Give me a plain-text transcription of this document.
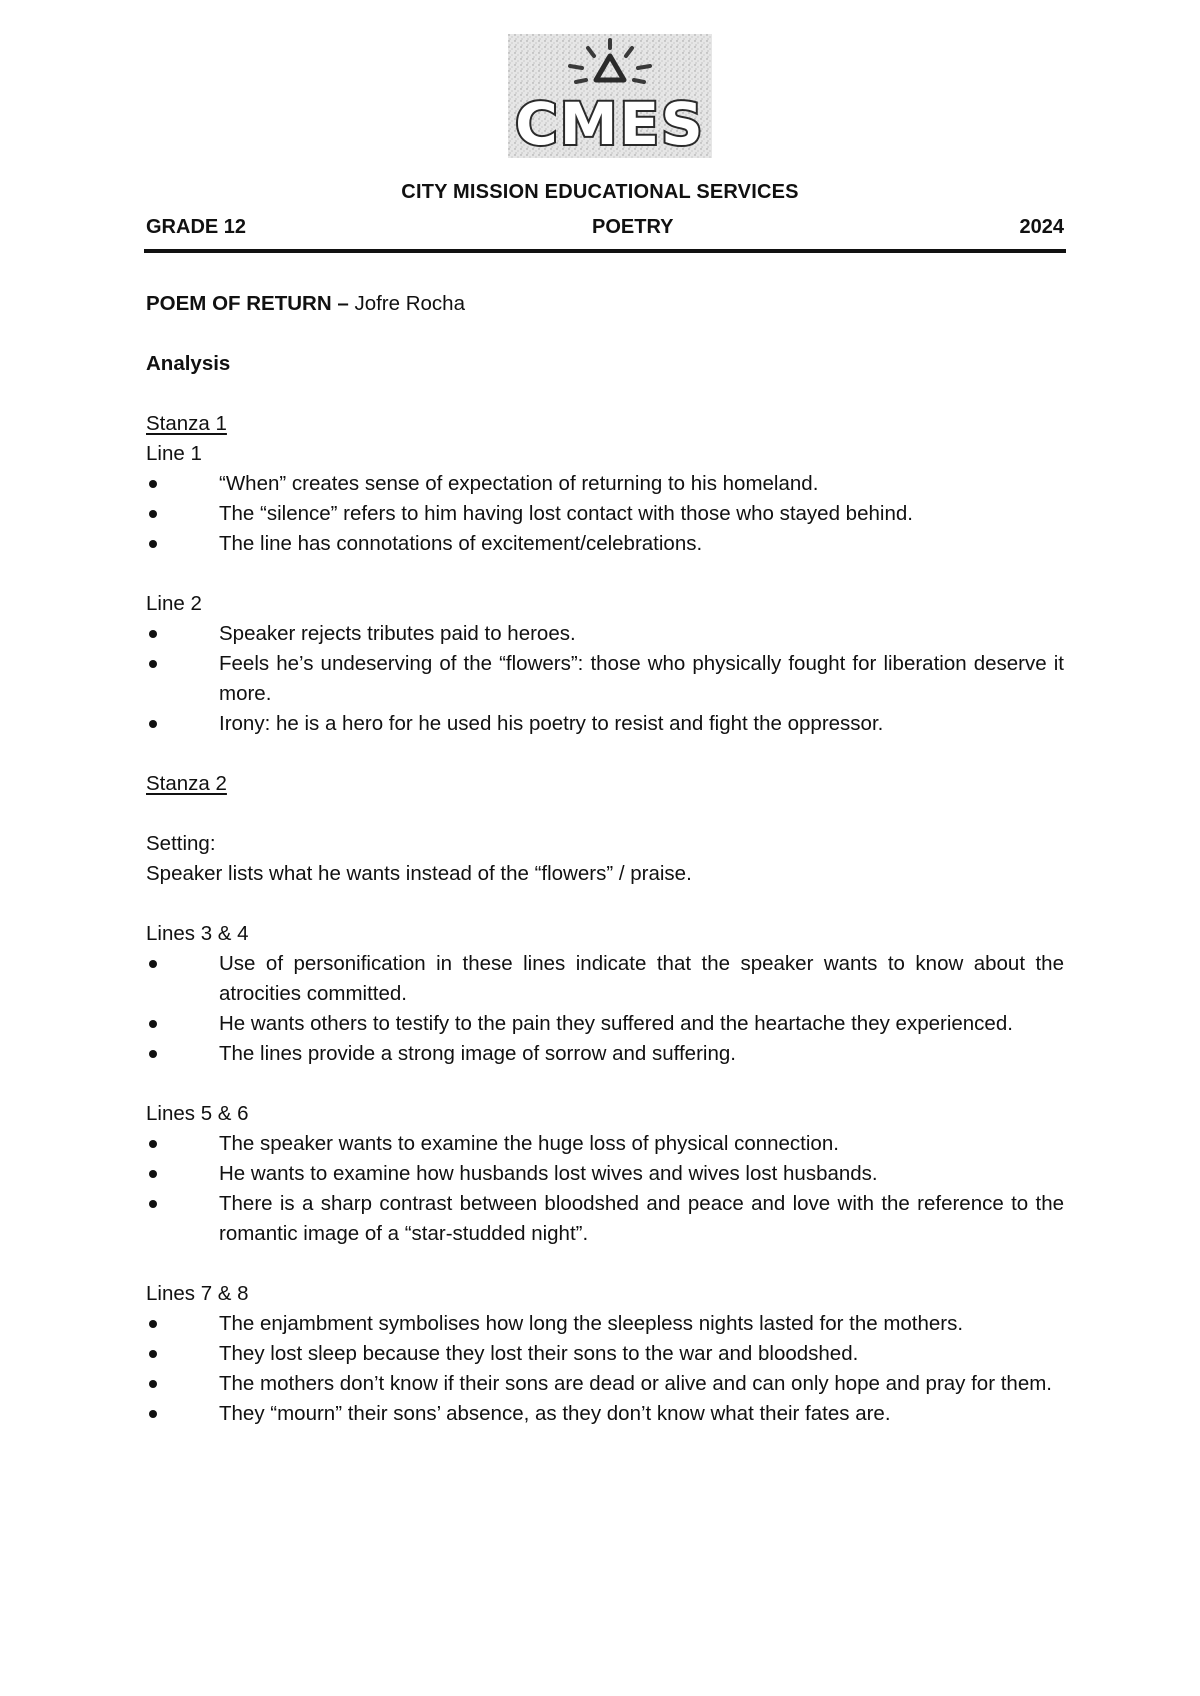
CMES
CITY MISSION EDUCATIONAL SERVICES
GRADE 12	POETRY	2024
POEM OF RETURN – Jofre Rocha
Analysis
Stanza 1
Line 1
“When” creates sense of expectation of returning to his homeland.
The “silence” refers to him having lost contact with those who stayed behind.
The line has connotations of excitement/celebrations.
Line 2
Speaker rejects tributes paid to heroes.
Feels he’s undeserving of the “flowers”: those who physically fought for liberation deserve it more.
Irony: he is a hero for he used his poetry to resist and fight the oppressor.
Stanza 2
Setting:
Speaker lists what he wants instead of the “flowers” / praise.
Lines 3 & 4
Use of personification in these lines indicate that the speaker wants to know about the atrocities committed.
He wants others to testify to the pain they suffered and the heartache they experienced.
The lines provide a strong image of sorrow and suffering.
Lines 5 & 6
The speaker wants to examine the huge loss of physical connection.
He wants to examine how husbands lost wives and wives lost husbands.
There is a sharp contrast between bloodshed and peace and love with the reference to the romantic image of a “star-studded night”.
Lines 7 & 8
The enjambment symbolises how long the sleepless nights lasted for the mothers.
They lost sleep because they lost their sons to the war and bloodshed.
The mothers don’t know if their sons are dead or alive and can only hope and pray for them.
They “mourn” their sons’ absence, as they don’t know what their fates are.
